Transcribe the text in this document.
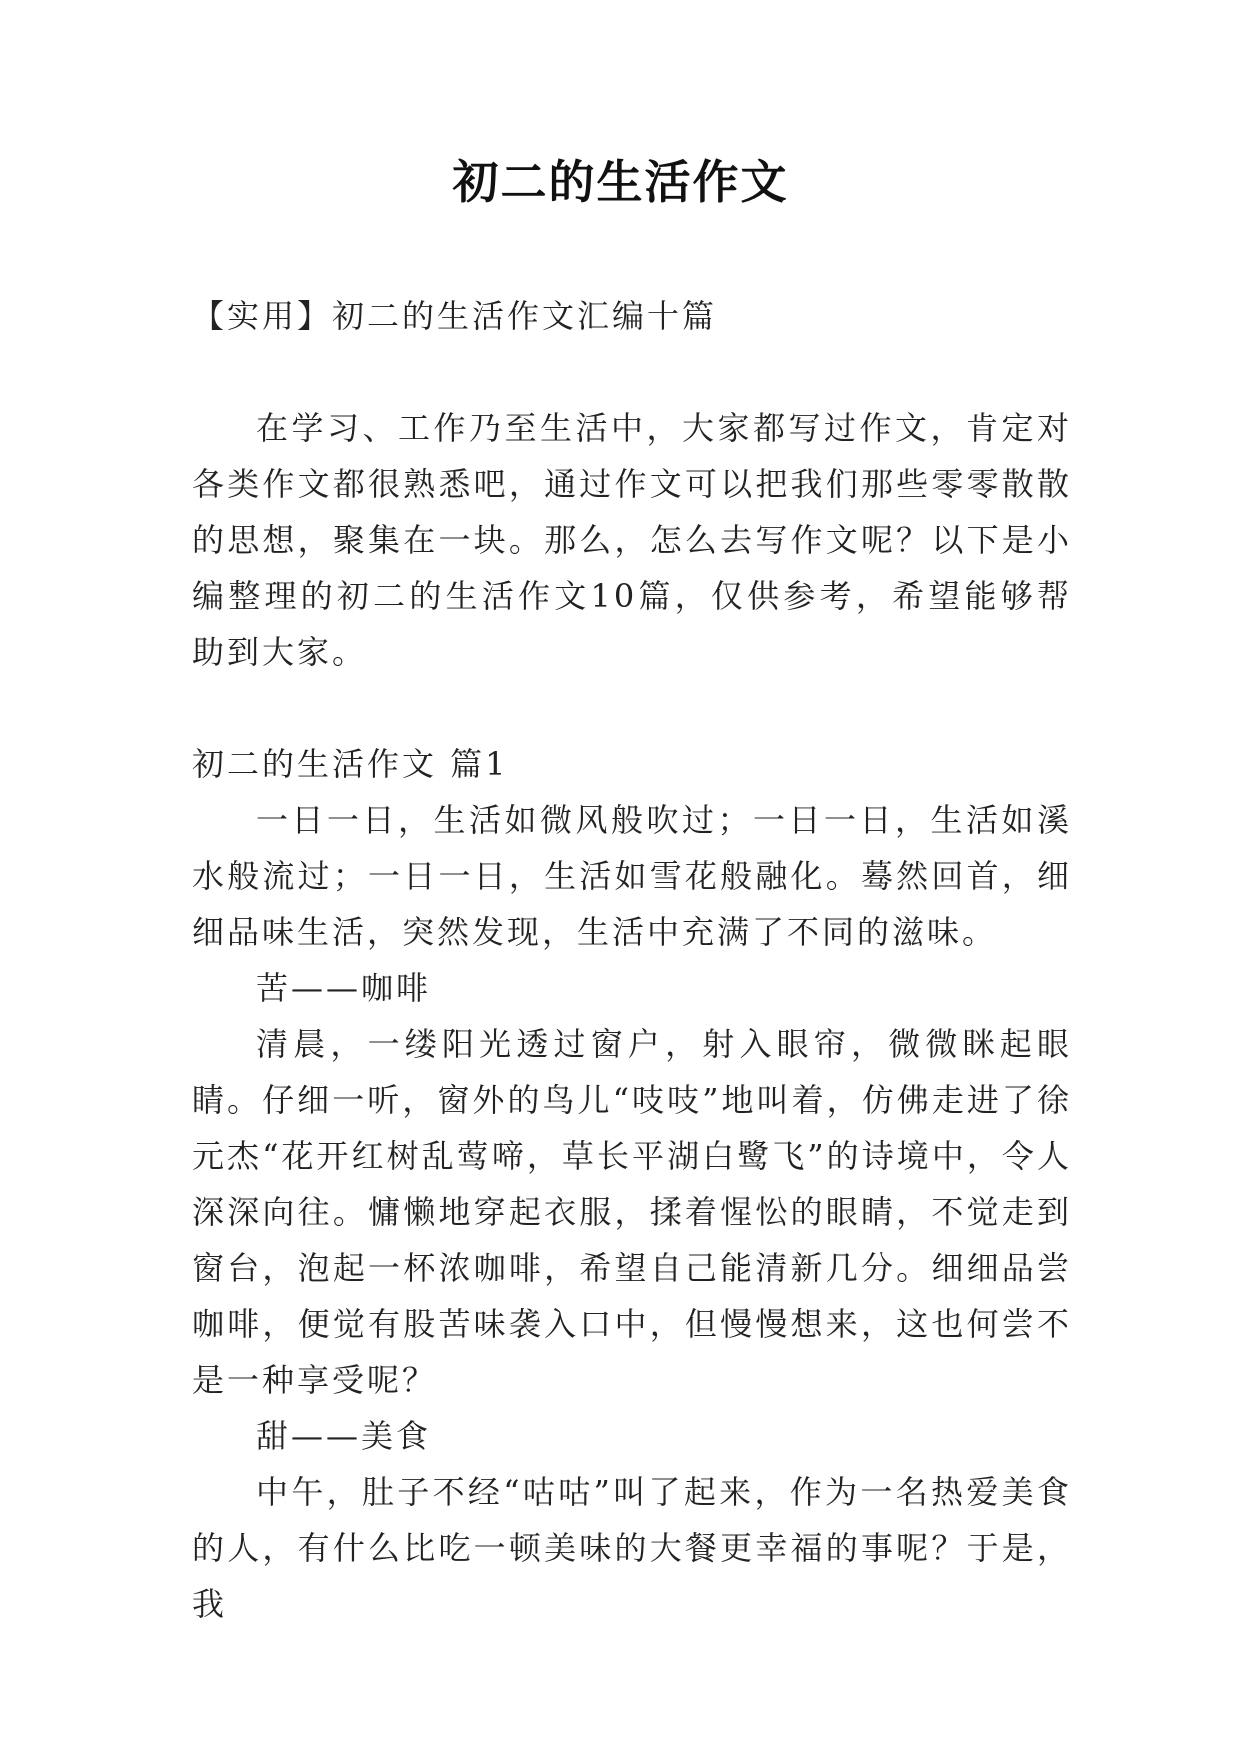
初二的生活作文

【实用】初二的生活作文汇编十篇

在学习、工作乃至生活中，大家都写过作文，肯定对各类作文都很熟悉吧，通过作文可以把我们那些零零散散的思想，聚集在一块。那么，怎么去写作文呢？以下是小编整理的初二的生活作文10篇，仅供参考，希望能够帮助到大家。

初二的生活作文 篇1

一日一日，生活如微风般吹过；一日一日，生活如溪水般流过；一日一日，生活如雪花般融化。蓦然回首，细细品味生活，突然发现，生活中充满了不同的滋味。

苦——咖啡

清晨，一缕阳光透过窗户，射入眼帘，微微眯起眼睛。仔细一听，窗外的鸟儿“吱吱”地叫着，仿佛走进了徐元杰“花开红树乱莺啼，草长平湖白鹭飞”的诗境中，令人深深向往。慵懒地穿起衣服，揉着惺忪的眼睛，不觉走到窗台，泡起一杯浓咖啡，希望自己能清新几分。细细品尝咖啡，便觉有股苦味袭入口中，但慢慢想来，这也何尝不是一种享受呢？

甜——美食

中午，肚子不经“咕咕”叫了起来，作为一名热爱美食的人，有什么比吃一顿美味的大餐更幸福的事呢？于是，我
